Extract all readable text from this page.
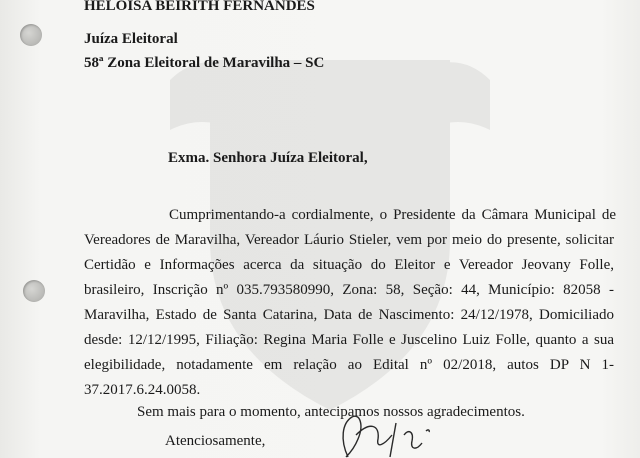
HELOISA BEIRITH FERNANDES
Juíza Eleitoral
58ª Zona Eleitoral de Maravilha – SC
Exma. Senhora Juíza Eleitoral,
Cumprimentando-a cordialmente, o Presidente da Câmara Municipal de
Vereadores de Maravilha, Vereador Láurio Stieler, vem por meio do presente, solicitar
Certidão e Informações acerca da situação do Eleitor e Vereador Jeovany Folle,
brasileiro, Inscrição nº 035.793580990, Zona: 58, Seção: 44, Município: 82058 -
Maravilha, Estado de Santa Catarina, Data de Nascimento: 24/12/1978, Domiciliado
desde: 12/12/1995, Filiação: Regina Maria Folle e Juscelino Luiz Folle, quanto a sua
elegibilidade, notadamente em relação ao Edital nº 02/2018, autos DP N 1-
37.2017.6.24.0058.
Sem mais para o momento, antecipamos nossos agradecimentos.
Atenciosamente,
